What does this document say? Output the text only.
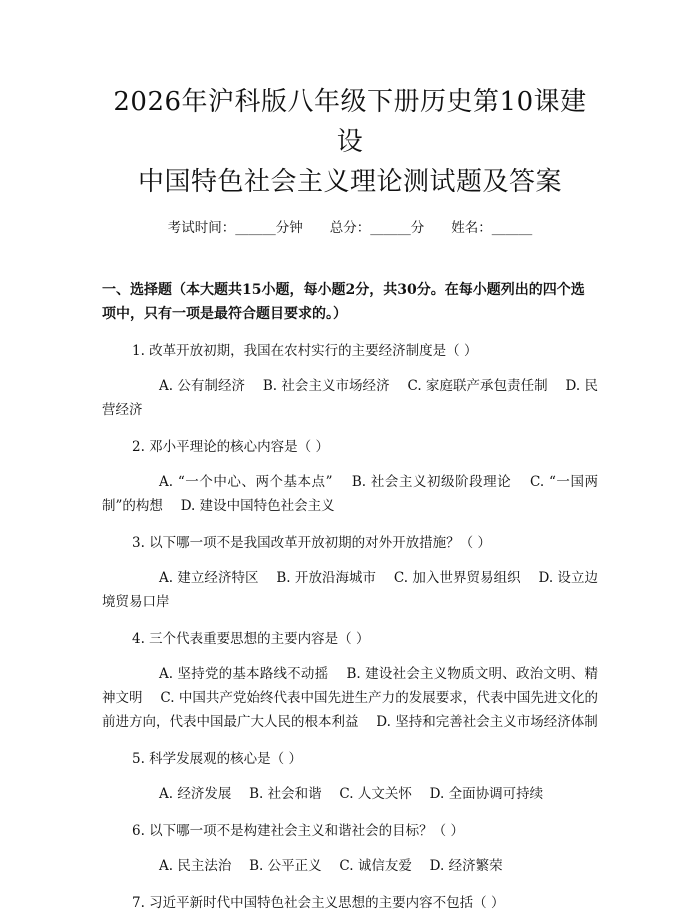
2026年沪科版八年级下册历史第10课建设
中国特色社会主义理论测试题及答案
考试时间：______分钟　　总分：______分　　姓名：______
一、选择题（本大题共15小题，每小题2分，共30分。在每小题列出的四个选项中，只有一项是最符合题目要求的。）
1. 改革开放初期，我国在农村实行的主要经济制度是（ ）
A. 公有制经济　 B. 社会主义市场经济　 C. 家庭联产承包责任制　 D. 民营经济
2. 邓小平理论的核心内容是（ ）
A. “一个中心、两个基本点”　 B. 社会主义初级阶段理论　 C. “一国两制”的构想　 D. 建设中国特色社会主义
3. 以下哪一项不是我国改革开放初期的对外开放措施？（ ）
A. 建立经济特区　 B. 开放沿海城市　 C. 加入世界贸易组织　 D. 设立边境贸易口岸
4. 三个代表重要思想的主要内容是（ ）
A. 坚持党的基本路线不动摇　 B. 建设社会主义物质文明、政治文明、精神文明　 C. 中国共产党始终代表中国先进生产力的发展要求，代表中国先进文化的前进方向，代表中国最广大人民的根本利益　 D. 坚持和完善社会主义市场经济体制
5. 科学发展观的核心是（ ）
A. 经济发展　 B. 社会和谐　 C. 人文关怀　 D. 全面协调可持续
6. 以下哪一项不是构建社会主义和谐社会的目标？（ ）
A. 民主法治　 B. 公平正义　 C. 诚信友爱　 D. 经济繁荣
7. 习近平新时代中国特色社会主义思想的主要内容不包括（ ）
